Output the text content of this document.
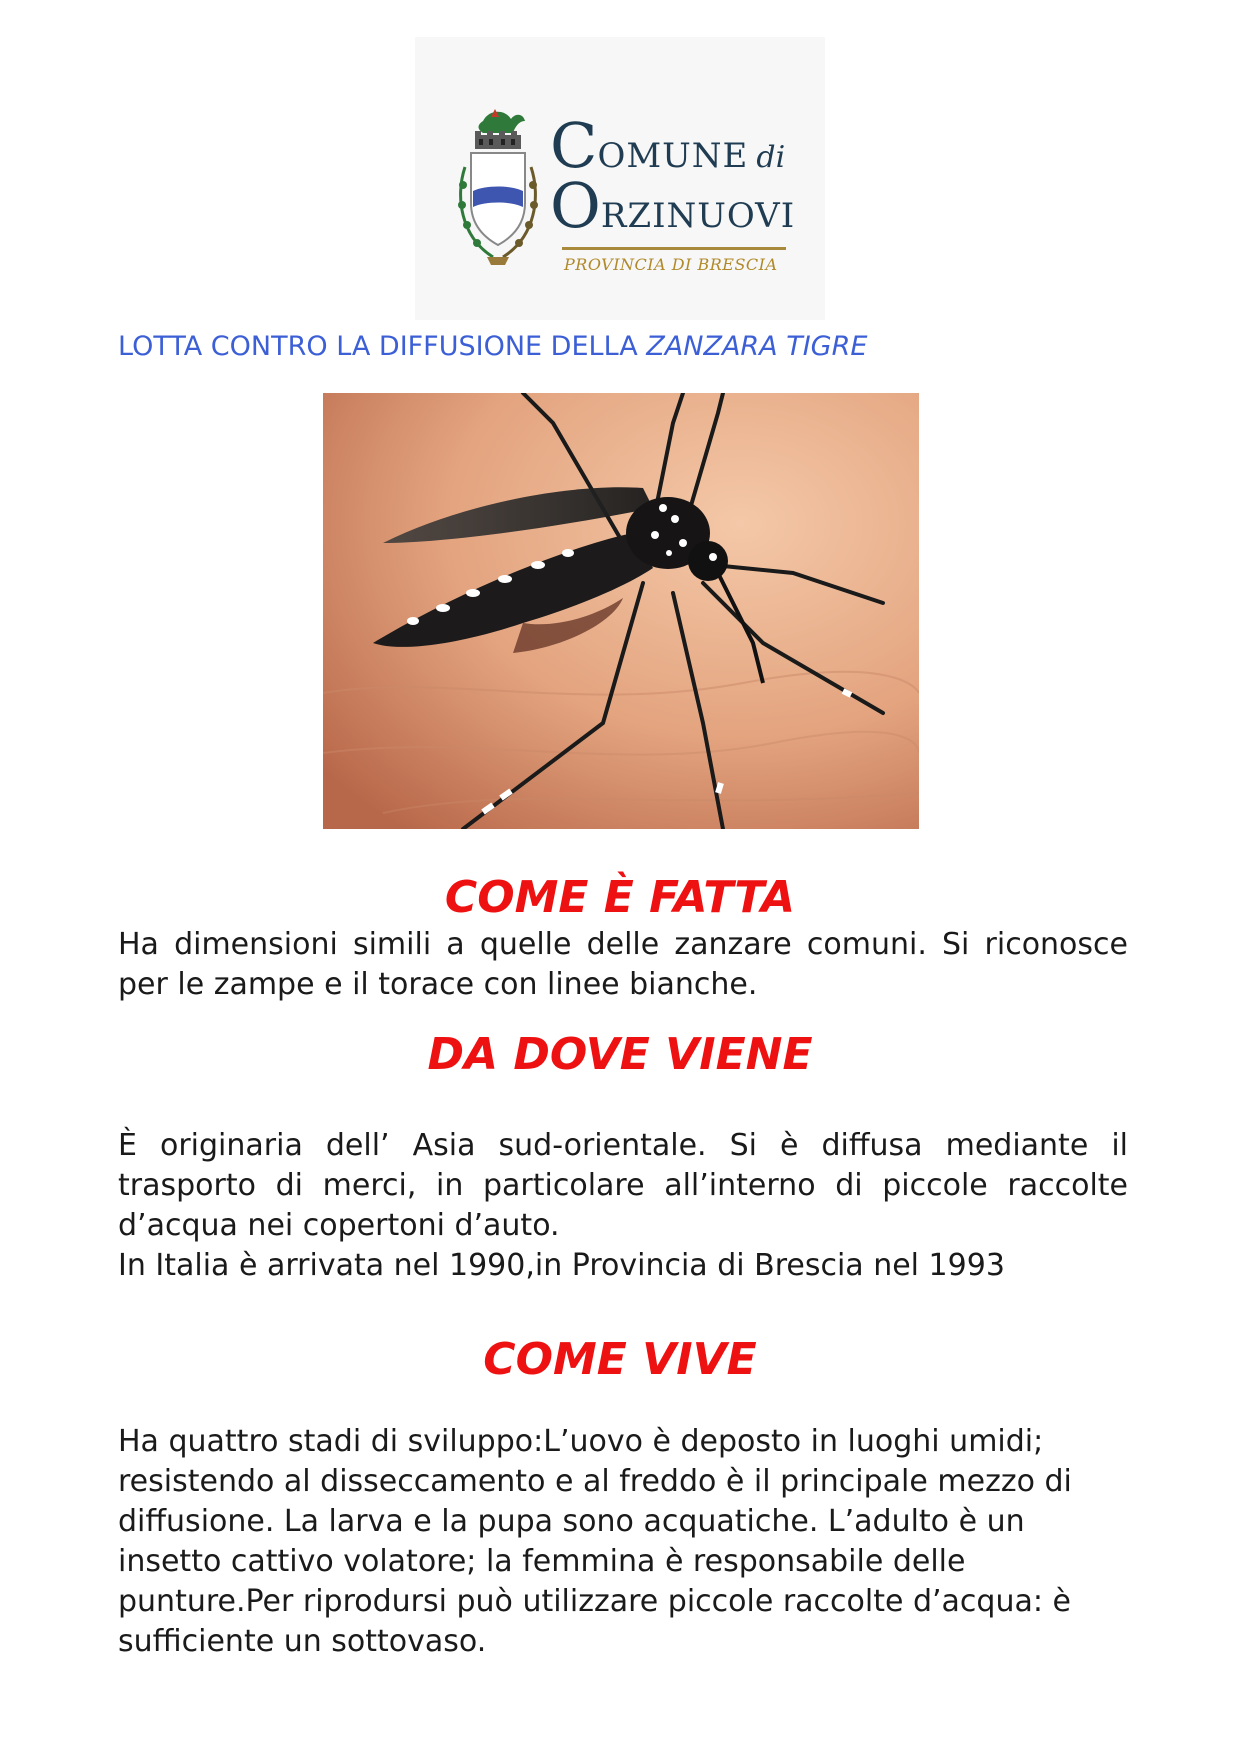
COMUNE di
ORZINUOVI
PROVINCIA DI BRESCIA
LOTTA CONTRO LA DIFFUSIONE DELLA ZANZARA TIGRE
COME È FATTA
Ha dimensioni simili a quelle delle zanzare comuni. Si riconosce per le zampe e il torace con linee bianche.
DA DOVE VIENE
È originaria dell’ Asia sud-orientale. Si è diffusa mediante il trasporto di merci, in particolare all’interno di piccole raccolte d’acqua nei copertoni d’auto.
In Italia è arrivata nel 1990,in Provincia di Brescia nel 1993
COME VIVE
Ha quattro stadi di sviluppo:L’uovo è deposto in luoghi umidi; resistendo al disseccamento e al freddo è il principale mezzo di diffusione. La larva e la pupa sono acquatiche. L’adulto è un insetto cattivo volatore; la femmina è responsabile delle punture.Per riprodursi può utilizzare piccole raccolte d’acqua: è sufficiente un sottovaso.
